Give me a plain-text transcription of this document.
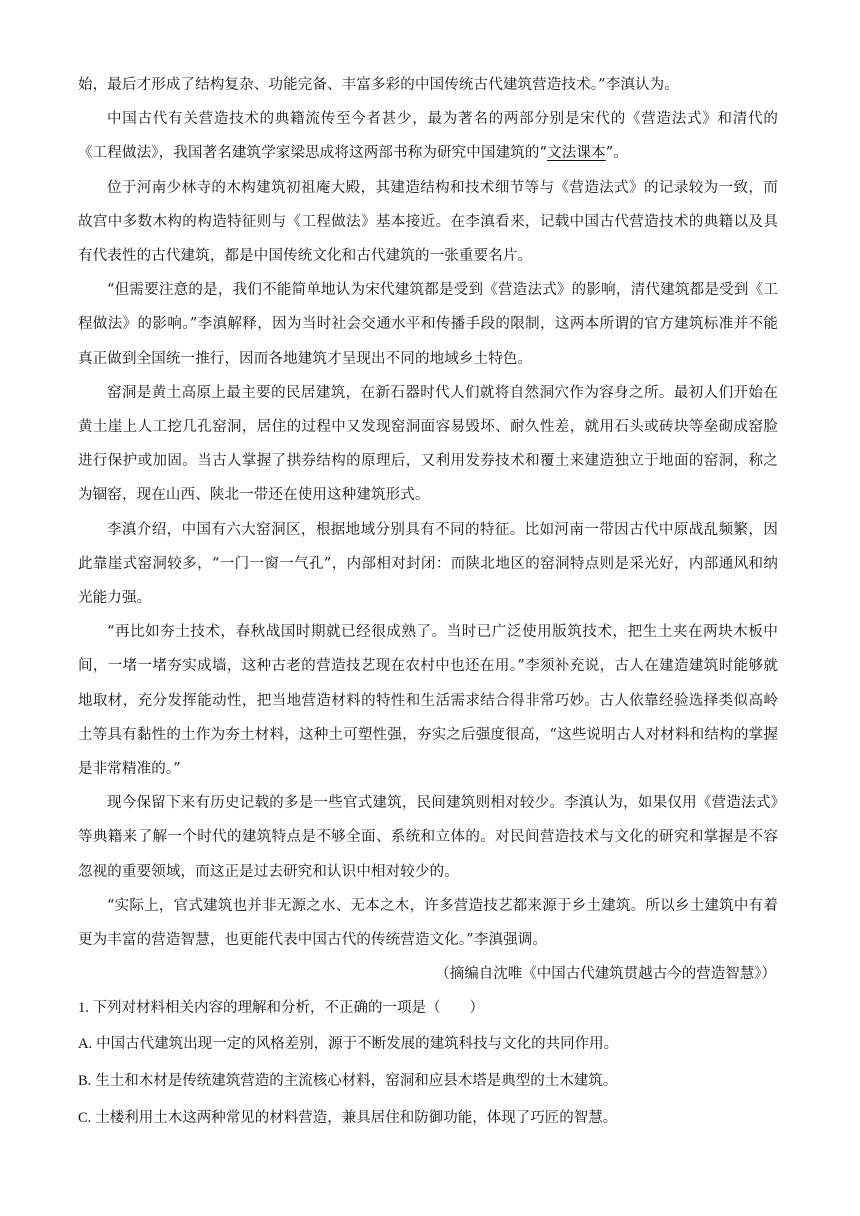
始，最后才形成了结构复杂、功能完备、丰富多彩的中国传统古代建筑营造技术。”李滇认为。

中国古代有关营造技术的典籍流传至今者甚少，最为著名的两部分别是宋代的《营造法式》和清代的《工程做法》，我国著名建筑学家梁思成将这两部书称为研究中国建筑的“文法课本”。

位于河南少林寺的木构建筑初祖庵大殿，其建造结构和技术细节等与《营造法式》的记录较为一致，而故宫中多数木构的构造特征则与《工程做法》基本接近。在李滇看来，记载中国古代营造技术的典籍以及具有代表性的古代建筑，都是中国传统文化和古代建筑的一张重要名片。

“但需要注意的是，我们不能简单地认为宋代建筑都是受到《营造法式》的影响，清代建筑都是受到《工程做法》的影响。”李滇解释，因为当时社会交通水平和传播手段的限制，这两本所谓的官方建筑标准并不能真正做到全国统一推行，因而各地建筑才呈现出不同的地域乡土特色。

窑洞是黄土高原上最主要的民居建筑，在新石器时代人们就将自然洞穴作为容身之所。最初人们开始在黄土崖上人工挖几孔窑洞，居住的过程中又发现窑洞面容易毁坏、耐久性差，就用石头或砖块等垒砌成窑脸进行保护或加固。当古人掌握了拱券结构的原理后，又利用发券技术和覆土来建造独立于地面的窑洞，称之为锢窑，现在山西、陕北一带还在使用这种建筑形式。

李滇介绍，中国有六大窑洞区，根据地域分别具有不同的特征。比如河南一带因古代中原战乱频繁，因此靠崖式窑洞较多，“一门一窗一气孔”，内部相对封闭：而陕北地区的窑洞特点则是采光好，内部通风和纳光能力强。

“再比如夯土技术，春秋战国时期就已经很成熟了。当时已广泛使用版筑技术，把生土夹在两块木板中间，一堵一堵夯实成墙，这种古老的营造技艺现在农村中也还在用。”李须补充说，古人在建造建筑时能够就地取材，充分发挥能动性，把当地营造材料的特性和生活需求结合得非常巧妙。古人依靠经验选择类似高岭土等具有黏性的土作为夯土材料，这种土可塑性强，夯实之后强度很高，“这些说明古人对材料和结构的掌握是非常精准的。”

现今保留下来有历史记载的多是一些官式建筑，民间建筑则相对较少。李滇认为，如果仅用《营造法式》等典籍来了解一个时代的建筑特点是不够全面、系统和立体的。对民间营造技术与文化的研究和掌握是不容忽视的重要领域，而这正是过去研究和认识中相对较少的。

“实际上，官式建筑也并非无源之水、无本之木，许多营造技艺都来源于乡土建筑。所以乡土建筑中有着更为丰富的营造智慧，也更能代表中国古代的传统营造文化。”李滇强调。

（摘编自沈唯《中国古代建筑贯越古今的营造智慧》）

1. 下列对材料相关内容的理解和分析，不正确的一项是（　　）

A. 中国古代建筑出现一定的风格差别，源于不断发展的建筑科技与文化的共同作用。

B. 生土和木材是传统建筑营造的主流核心材料，窑洞和应县木塔是典型的土木建筑。

C. 土楼利用土木这两种常见的材料营造，兼具居住和防御功能，体现了巧匠的智慧。
